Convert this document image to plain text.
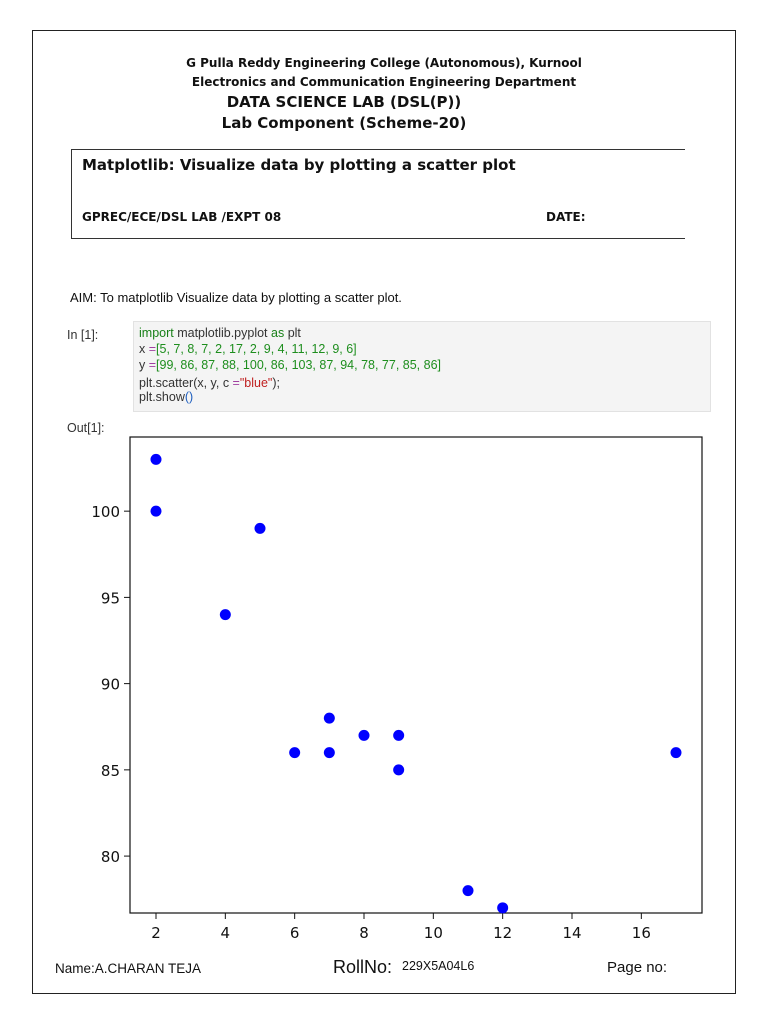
G Pulla Reddy Engineering College (Autonomous), Kurnool
Electronics and Communication Engineering Department
DATA SCIENCE LAB (DSL(P))
Lab Component (Scheme-20)
Matplotlib: Visualize data by plotting a scatter plot
GPREC/ECE/DSL LAB /EXPT 08	DATE:
AIM: To matplotlib Visualize data by plotting a scatter plot.
In [1]:	import matplotlib.pyplot as plt
x =[5, 7, 8, 7, 2, 17, 2, 9, 4, 11, 12, 9, 6]
y =[99, 86, 87, 88, 100, 86, 103, 87, 94, 78, 77, 85, 86]
plt.scatter(x, y, c ="blue");
plt.show()
Out[1]:
2	4	6	8	10	12	14	16
80
85
90
95
100
Name:A.CHARAN TEJA	RollNo: 229X5A04L6	Page no:
